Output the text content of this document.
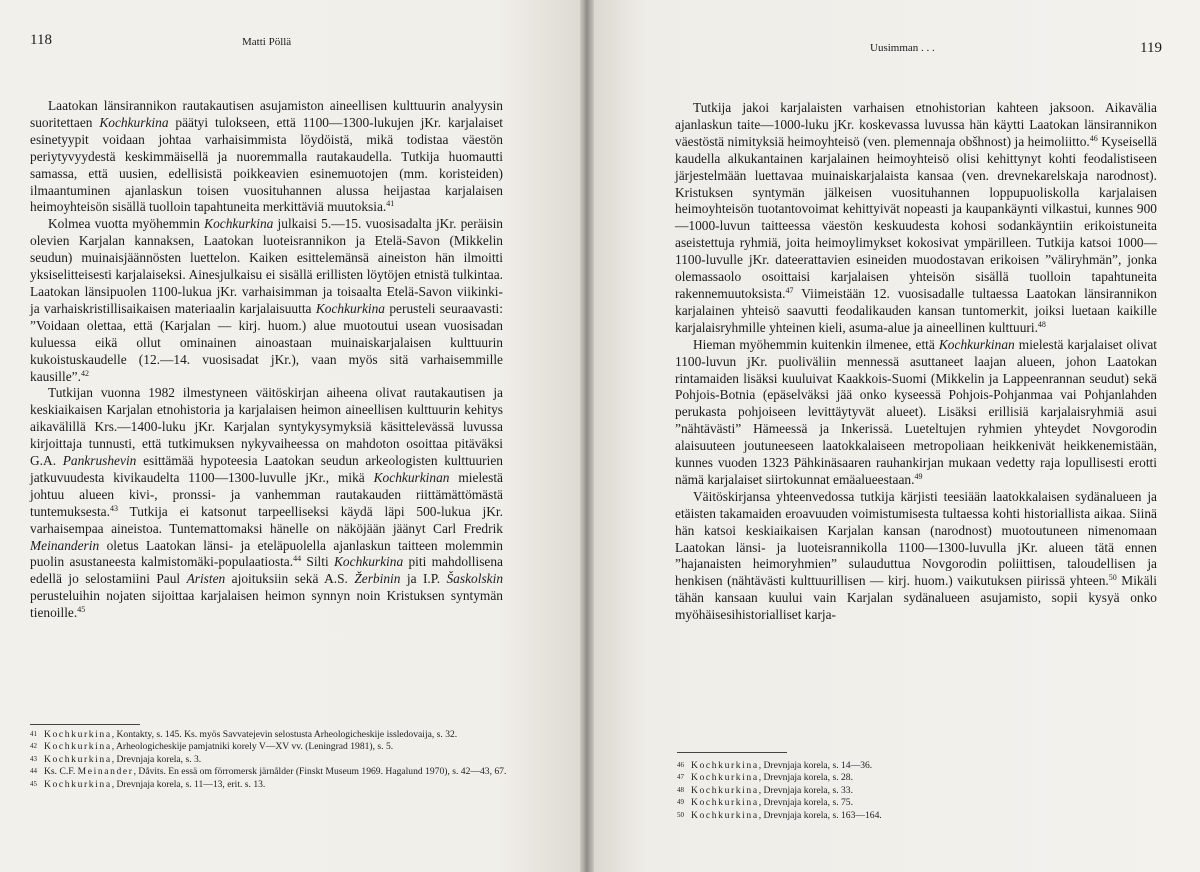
118	Matti Pöllä

Laatokan länsirannikon rautakautisen asujamiston aineellisen kulttuurin analyysin suoritettaen Kochkurkina päätyi tulokseen, että 1100—1300-lukujen jKr. karjalaiset esinetyypit voidaan johtaa varhaisimmista löydöistä, mikä todistaa väestön periytyvyydestä keskimmäisellä ja nuoremmalla rautakaudella. Tutkija huomautti samassa, että uusien, edellisistä poikkeavien esinemuotojen (mm. koristeiden) ilmaantuminen ajanlaskun toisen vuosituhannen alussa heijastaa karjalaisen heimoyhteisön sisällä tuolloin tapahtuneita merkittäviä muutoksia.$^{41}$

Kolmea vuotta myöhemmin Kochkurkina julkaisi 5.—15. vuosisadalta jKr. peräisin olevien Karjalan kannaksen, Laatokan luoteisrannikon ja Etelä-Savon (Mikkelin seudun) muinaisjäännösten luettelon. Kaiken esittelemänsä aineiston hän ilmoitti yksiselitteisesti karjalaiseksi. Ainesjulkaisu ei sisällä erillisten löytöjen etnistä tulkintaa. Laatokan länsipuolen 1100-lukua jKr. varhaisimman ja toisaalta Etelä-Savon viikinki- ja varhaiskristillisaikaisen materiaalin karjalaisuutta Kochkurkina perusteli seuraavasti: ”Voidaan olettaa, että (Karjalan — kirj. huom.) alue muotoutui usean vuosisadan kuluessa eikä ollut ominainen ainoastaan muinaiskarjalaisen kulttuurin kukoistuskaudelle (12.—14. vuosisadat jKr.), vaan myös sitä varhaisemmille kausille”.$^{42}$

Tutkijan vuonna 1982 ilmestyneen väitöskirjan aiheena olivat rautakautisen ja keskiaikaisen Karjalan etnohistoria ja karjalaisen heimon aineellisen kulttuurin kehitys aikavälillä Krs.—1400-luku jKr. Karjalan syntykysymyksiä käsittelevässä luvussa kirjoittaja tunnusti, että tutkimuksen nykyvaiheessa on mahdoton osoittaa pitäväksi G.A. Pankrushevin esittämää hypoteesia Laatokan seudun arkeologisten kulttuurien jatkuvuudesta kivikaudelta 1100—1300-luvulle jKr., mikä Kochkurkinan mielestä johtuu alueen kivi-, pronssi- ja vanhemman rautakauden riittämättömästä tuntemuksesta.$^{43}$ Tutkija ei katsonut tarpeelliseksi käydä läpi 500-lukua jKr. varhaisempaa aineistoa. Tuntemattomaksi hänelle on näköjään jäänyt Carl Fredrik Meinanderin oletus Laatokan länsi- ja eteläpuolella ajanlaskun taitteen molemmin puolin asustaneesta kalmistomäki-populaatiosta.$^{44}$ Silti Kochkurkina piti mahdollisena edellä jo selostamiini Paul Aristen ajoituksiin sekä A.S. Žerbinin ja I.P. Šaskolskin perusteluihin nojaten sijoittaa karjalaisen heimon synnyn noin Kristuksen syntymän tienoille.$^{45}$

41 Kochkurkina, Kontakty, s. 145. Ks. myös Savvatejevin selostusta Arheologicheskije issledovaija, s. 32.
42 Kochkurkina, Arheologicheskije pamjatniki korely V—XV vv. (Leningrad 1981), s. 5.
43 Kochkurkina, Drevnjaja korela, s. 3.
44 Ks. C.F. Meinander, Dåvits. En essä om förromersk järnålder (Finskt Museum 1969. Hagalund 1970), s. 42—43, 67.
45 Kochkurkina, Drevnjaja korela, s. 11—13, erit. s. 13.
Uusimman . . .	119

Tutkija jakoi karjalaisten varhaisen etnohistorian kahteen jaksoon. Aikavälia ajanlaskun taite—1000-luku jKr. koskevassa luvussa hän käytti Laatokan länsirannikon väestöstä nimityksiä heimoyhteisö (ven. plemennaja obšhnost) ja heimoliitto.$^{46}$ Kyseisellä kaudella alkukantainen karjalainen heimoyhteisö olisi kehittynyt kohti feodalistiseen järjestelmään luettavaa muinaiskarjalaista kansaa (ven. drevnekarelskaja narodnost). Kristuksen syntymän jälkeisen vuosituhannen loppupuoliskolla karjalaisen heimoyhteisön tuotantovoimat kehittyivät nopeasti ja kaupankäynti vilkastui, kunnes 900—1000-luvun taitteessa väestön keskuudesta kohosi sodankäyntiin erikoistuneita aseistettuja ryhmiä, joita heimoylimykset kokosivat ympärilleen. Tutkija katsoi 1000—1100-luvulle jKr. dateerattavien esineiden muodostavan erikoisen ”väliryhmän”, jonka olemassaolo osoittaisi karjalaisen yhteisön sisällä tuolloin tapahtuneita rakennemuutoksista.$^{47}$ Viimeistään 12. vuosisadalle tultaessa Laatokan länsirannikon karjalainen yhteisö saavutti feodalikauden kansan tuntomerkit, joiksi luetaan kaikille karjalaisryhmille yhteinen kieli, asuma-alue ja aineellinen kulttuuri.$^{48}$

Hieman myöhemmin kuitenkin ilmenee, että Kochkurkinan mielestä karjalaiset olivat 1100-luvun jKr. puoliväliin mennessä asuttaneet laajan alueen, johon Laatokan rintamaiden lisäksi kuuluivat Kaakkois-Suomi (Mikkelin ja Lappeenrannan seudut) sekä Pohjois-Botnia (epäselväksi jää onko kyseessä Pohjois-Pohjanmaa vai Pohjanlahden perukasta pohjoiseen levittäytyvät alueet). Lisäksi erillisiä karjalaisryhmiä asui ”nähtävästi” Hämeessä ja Inkerissä. Lueteltujen ryhmien yhteydet Novgorodin alaisuuteen joutuneeseen laatokkalaiseen metropoliaan heikkenivät heikkenemistään, kunnes vuoden 1323 Pähkinäsaaren rauhankirjan mukaan vedetty raja lopullisesti erotti nämä karjalaiset siirtokunnat emäalueestaan.$^{49}$

Väitöskirjansa yhteenvedossa tutkija kärjisti teesiään laatokkalaisen sydänalueen ja etäisten takamaiden eroavuuden voimistumisesta tultaessa kohti historiallista aikaa. Siinä hän katsoi keskiaikaisen Karjalan kansan (narodnost) muotoutuneen nimenomaan Laatokan länsi- ja luoteisrannikolla 1100—1300-luvulla jKr. alueen tätä ennen ”hajanaisten heimoryhmien” sulauduttua Novgorodin poliittisen, taloudellisen ja henkisen (nähtävästi kulttuurillisen — kirj. huom.) vaikutuksen piirissä yhteen.$^{50}$ Mikäli tähän kansaan kuului vain Karjalan sydänalueen asujamisto, sopii kysyä onko myöhäisesihistorialliset karja-

46 Kochkurkina, Drevnjaja korela, s. 14—36.
47 Kochkurkina, Drevnjaja korela, s. 28.
48 Kochkurkina, Drevnjaja korela, s. 33.
49 Kochkurkina, Drevnjaja korela, s. 75.
50 Kochkurkina, Drevnjaja korela, s. 163—164.
